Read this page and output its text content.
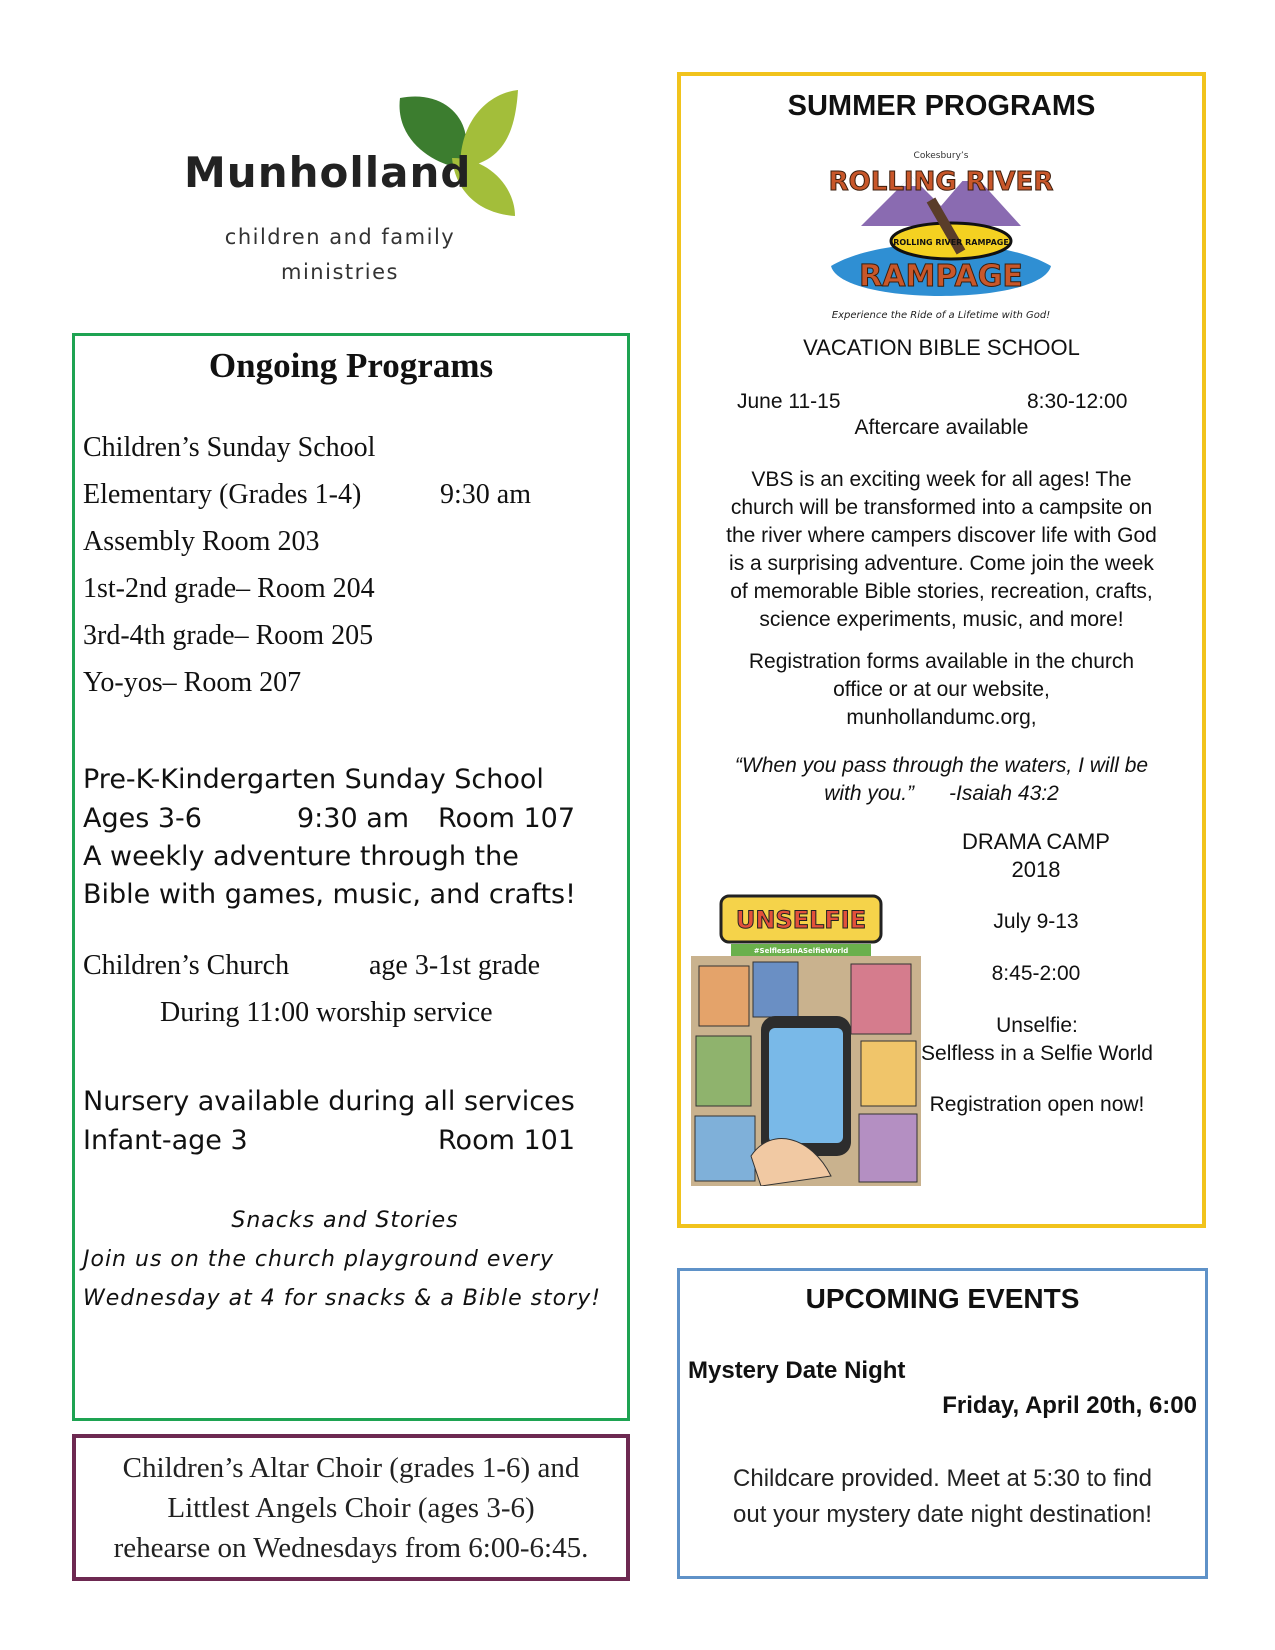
Munholland
children and family
ministries
Ongoing Programs
Children’s Sunday School
Elementary (Grades 1-4)	9:30 am
Assembly Room 203
1st-2nd grade– Room 204
3rd-4th grade– Room 205
Yo-yos– Room 207
Pre-K-Kindergarten Sunday School
Ages 3-6	9:30 am Room 107
A weekly adventure through the
Bible with games, music, and crafts!
Children’s Church	age 3-1st grade
During 11:00 worship service
Nursery available during all services
Infant-age 3	Room 101
Snacks and Stories
Join us on the church playground every
Wednesday at 4 for snacks & a Bible story!
Children’s Altar Choir (grades 1-6) and
Littlest Angels Choir (ages 3-6)
rehearse on Wednesdays from 6:00-6:45.
SUMMER PROGRAMS
Cokesbury’s
ROLLING RIVER
ROLLING RIVER RAMPAGE
RAMPAGE
Experience the Ride of a Lifetime with God!
VACATION BIBLE SCHOOL
June 11-15	8:30-12:00
Aftercare available
VBS is an exciting week for all ages! The
church will be transformed into a campsite on
the river where campers discover life with God
is a surprising adventure. Come join the week
of memorable Bible stories, recreation, crafts,
science experiments, music, and more!
Registration forms available in the church
office or at our website,
munhollandumc.org,
“When you pass through the waters, I will be
with you.”      -Isaiah 43:2
UNSELFIE
#SelflessInASelfieWorld
DRAMA CAMP
2018
July 9-13
8:45-2:00
Unselfie:
Selfless in a Selfie World
Registration open now!
UPCOMING EVENTS
Mystery Date Night
Friday, April 20th, 6:00
Childcare provided. Meet at 5:30 to find
out your mystery date night destination!
